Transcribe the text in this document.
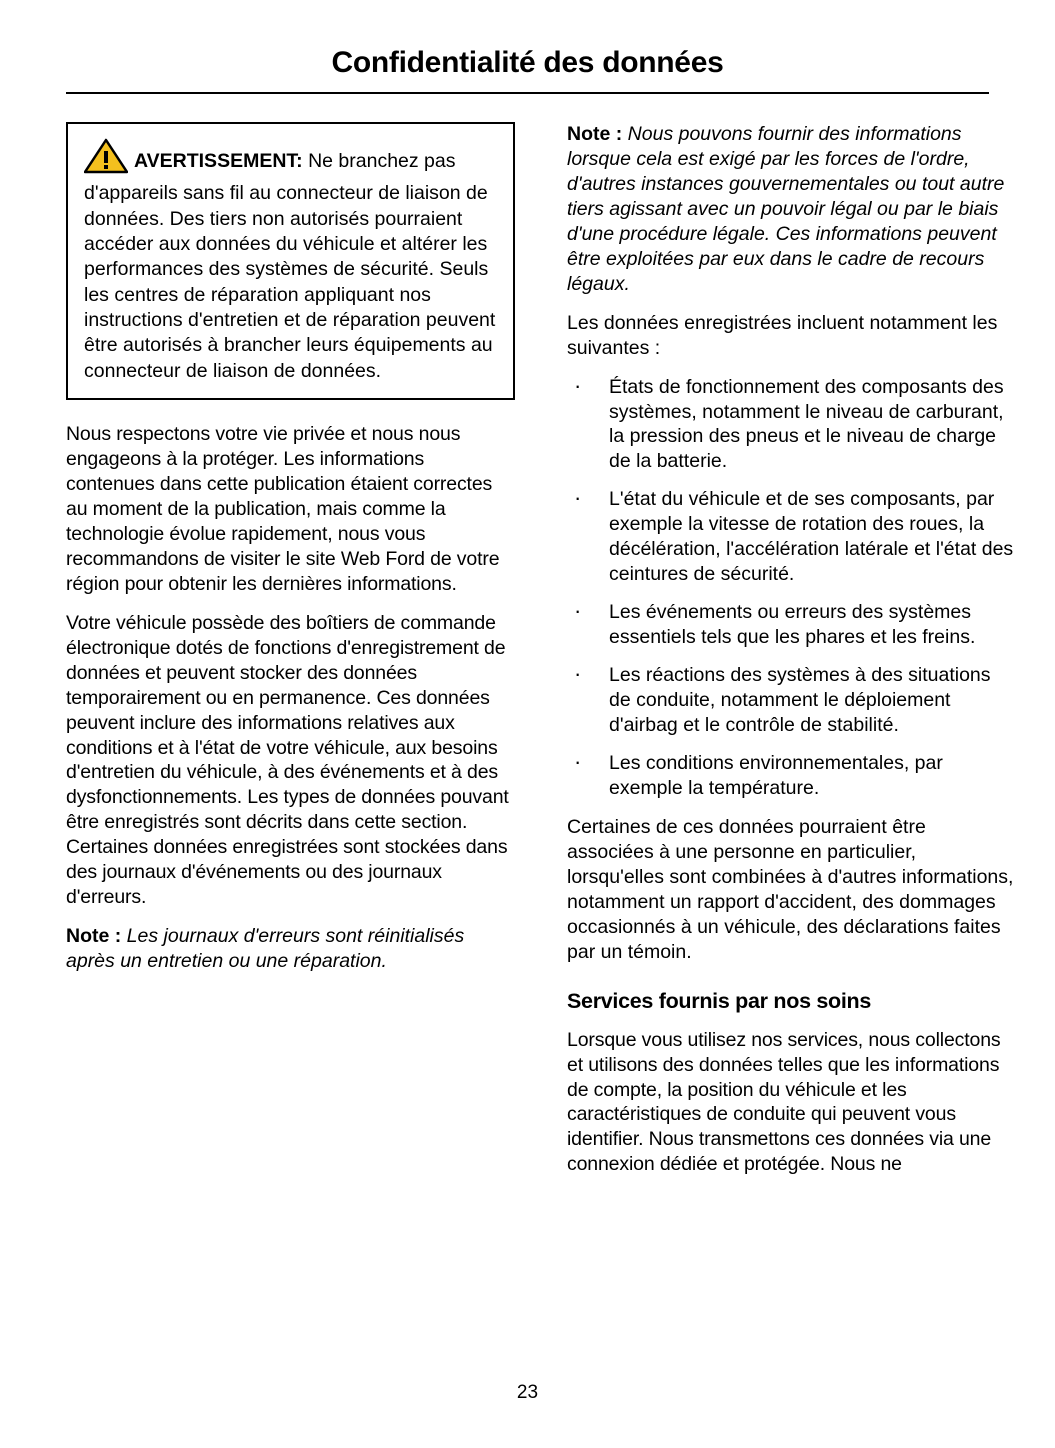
Confidentialité des données

AVERTISSEMENT: Ne branchez pas d'appareils sans fil au connecteur de liaison de données. Des tiers non autorisés pourraient accéder aux données du véhicule et altérer les performances des systèmes de sécurité. Seuls les centres de réparation appliquant nos instructions d'entretien et de réparation peuvent être autorisés à brancher leurs équipements au connecteur de liaison de données.

Nous respectons votre vie privée et nous nous engageons à la protéger. Les informations contenues dans cette publication étaient correctes au moment de la publication, mais comme la technologie évolue rapidement, nous vous recommandons de visiter le site Web Ford de votre région pour obtenir les dernières informations.

Votre véhicule possède des boîtiers de commande électronique dotés de fonctions d'enregistrement de données et peuvent stocker des données temporairement ou en permanence. Ces données peuvent inclure des informations relatives aux conditions et à l'état de votre véhicule, aux besoins d'entretien du véhicule, à des événements et à des dysfonctionnements. Les types de données pouvant être enregistrés sont décrits dans cette section. Certaines données enregistrées sont stockées dans des journaux d'événements ou des journaux d'erreurs.

Note : Les journaux d'erreurs sont réinitialisés après un entretien ou une réparation.

Note : Nous pouvons fournir des informations lorsque cela est exigé par les forces de l'ordre, d'autres instances gouvernementales ou tout autre tiers agissant avec un pouvoir légal ou par le biais d'une procédure légale. Ces informations peuvent être exploitées par eux dans le cadre de recours légaux.

Les données enregistrées incluent notamment les suivantes :

· États de fonctionnement des composants des systèmes, notamment le niveau de carburant, la pression des pneus et le niveau de charge de la batterie.
· L'état du véhicule et de ses composants, par exemple la vitesse de rotation des roues, la décélération, l'accélération latérale et l'état des ceintures de sécurité.
· Les événements ou erreurs des systèmes essentiels tels que les phares et les freins.
· Les réactions des systèmes à des situations de conduite, notamment le déploiement d'airbag et le contrôle de stabilité.
· Les conditions environnementales, par exemple la température.

Certaines de ces données pourraient être associées à une personne en particulier, lorsqu'elles sont combinées à d'autres informations, notamment un rapport d'accident, des dommages occasionnés à un véhicule, des déclarations faites par un témoin.

Services fournis par nos soins

Lorsque vous utilisez nos services, nous collectons et utilisons des données telles que les informations de compte, la position du véhicule et les caractéristiques de conduite qui peuvent vous identifier. Nous transmettons ces données via une connexion dédiée et protégée. Nous ne

23
